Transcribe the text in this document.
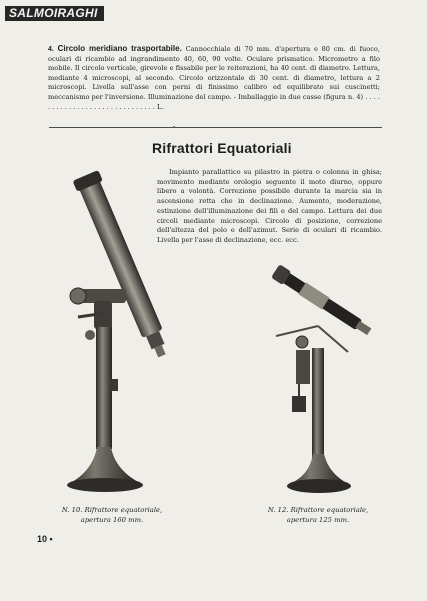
SALMOIRAGHI

4. Circolo meridiano trasportabile. Cannocchiale di 70 mm. d'apertura e 80 cm. di fuoco, oculari di ricambio ad ingrandimento 40, 60, 90 volte. Oculare prismatico. Micrometro a filo mobile. Il circolo verticale, girevole e fissabile per le reiterazioni, ha 40 cent. di diametro. Lettura, mediante 4 microscopi, al secondo. Circolo orizzontale di 30 cent. di diametro, lettura a 2 microscopi. Livella sull'asse con perni di finissimo calibro ed equilibrato sui cuscinetti; meccanismo per l'inversione. Illuminazione del campo. - Imballaggio in due casse (figura n. 4) . . . . . . . . . . . . . . . . . . . . . . . . . . . . . . L.

•
Rifrattori Equatoriali

Impianto parallattico su pilastro in pietra o colonna in ghisa; movimento mediante orologio seguente il moto diurno, oppure libero a volontà. Correzione possibile durante la marcia sia in ascensione retta che in declinazione. Aumento, moderazione, estinzione dell'illuminazione dei fili e del campo. Lettura dei due circoli mediante microscopi. Circolo di posizione, correzione dell'altezza del polo e dell'azimut. Serie di oculari di ricambio. Livella per l'asse di declinazione, ecc. ecc.

N. 10. Rifrattore equatoriale,
apertura 160 mm.

N. 12. Rifrattore equatoriale,
apertura 125 mm.

10 •
